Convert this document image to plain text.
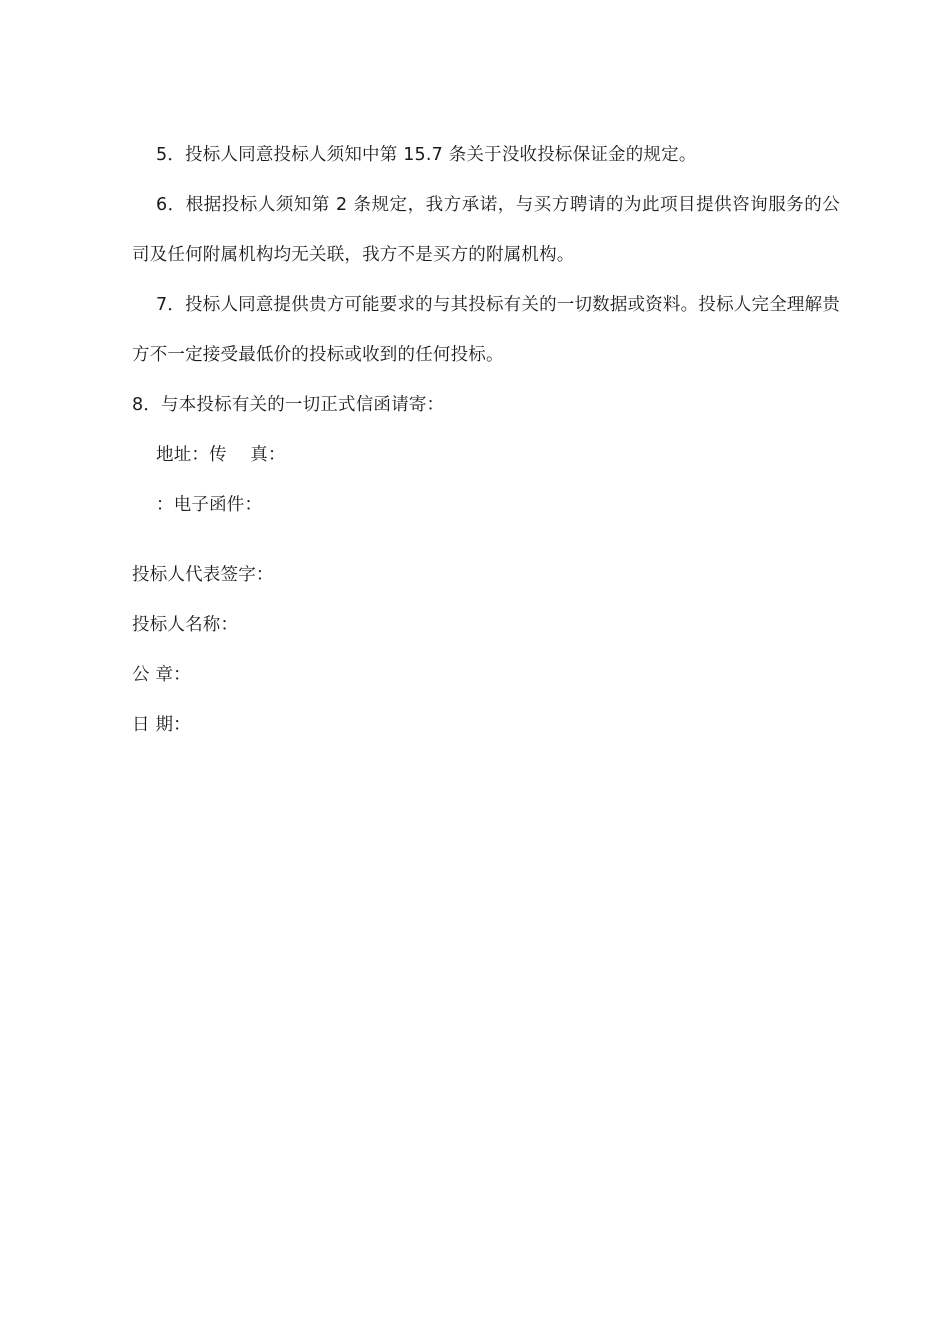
5．投标人同意投标人须知中第 15.7 条关于没收投标保证金的规定。

6．根据投标人须知第 2 条规定，我方承诺，与买方聘请的为此项目提供咨询服务的公司及任何附属机构均无关联，我方不是买方的附属机构。

7．投标人同意提供贵方可能要求的与其投标有关的一切数据或资料。投标人完全理解贵方不一定接受最低价的投标或收到的任何投标。

8．与本投标有关的一切正式信函请寄：

地址：传　 真：

：电子函件：

投标人代表签字：

投标人名称：

公 章：

日 期：
